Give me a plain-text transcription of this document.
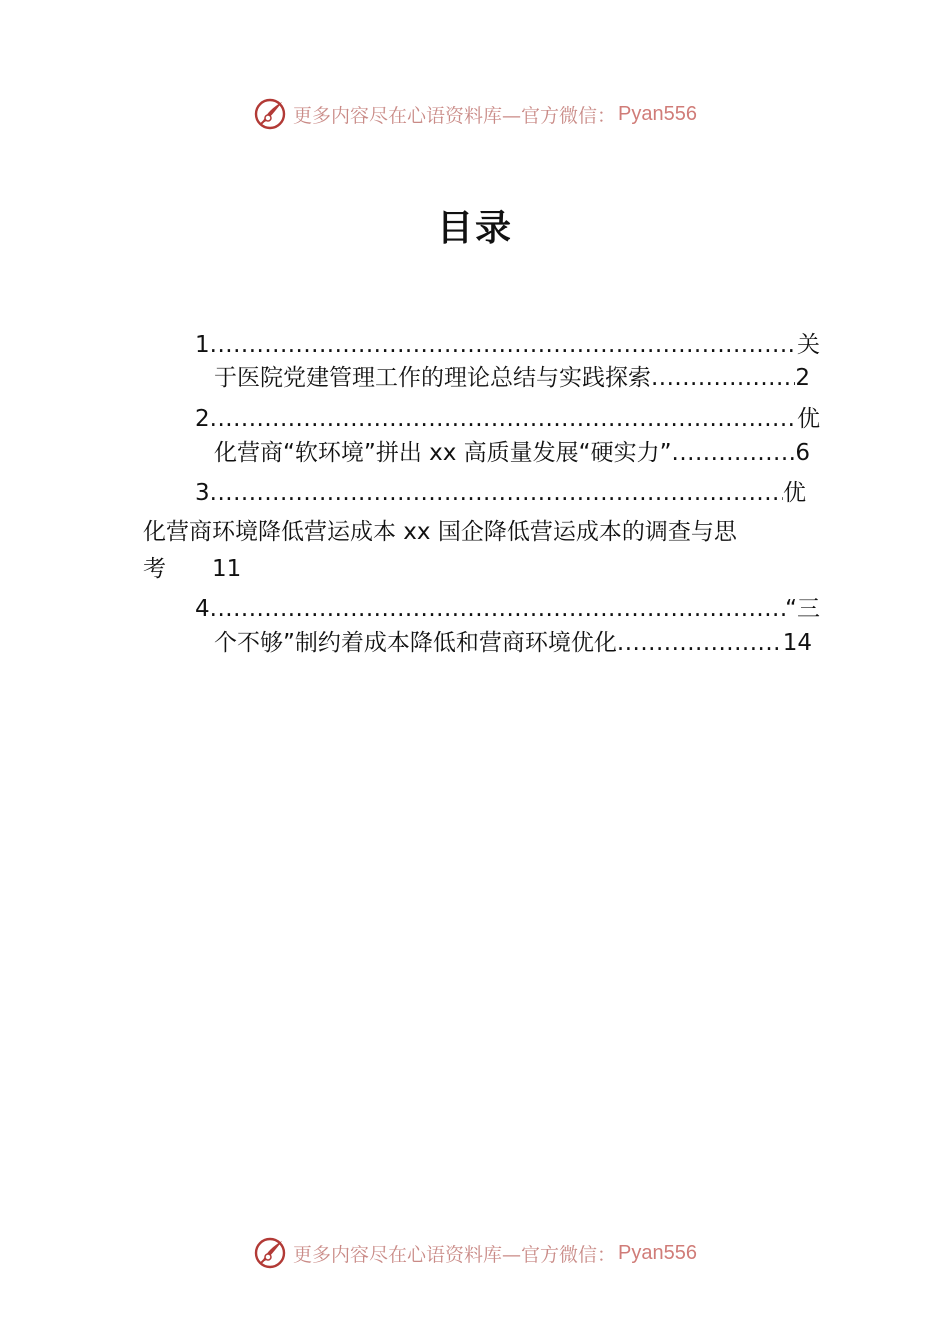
更多内容尽在心语资料库—官方微信： Pyan556
目录
1 .....	关
于医院党建管理工作的理论总结与实践探索 .....	2
2 .....	优
化营商“软环境”拼出 xx 高质量发展“硬实力” .....	6
3 .....	优
化营商环境降低营运成本 xx 国企降低营运成本的调查与思
考 11
4 .....	“三
个不够”制约着成本降低和营商环境优化 .....	14
更多内容尽在心语资料库—官方微信： Pyan556
